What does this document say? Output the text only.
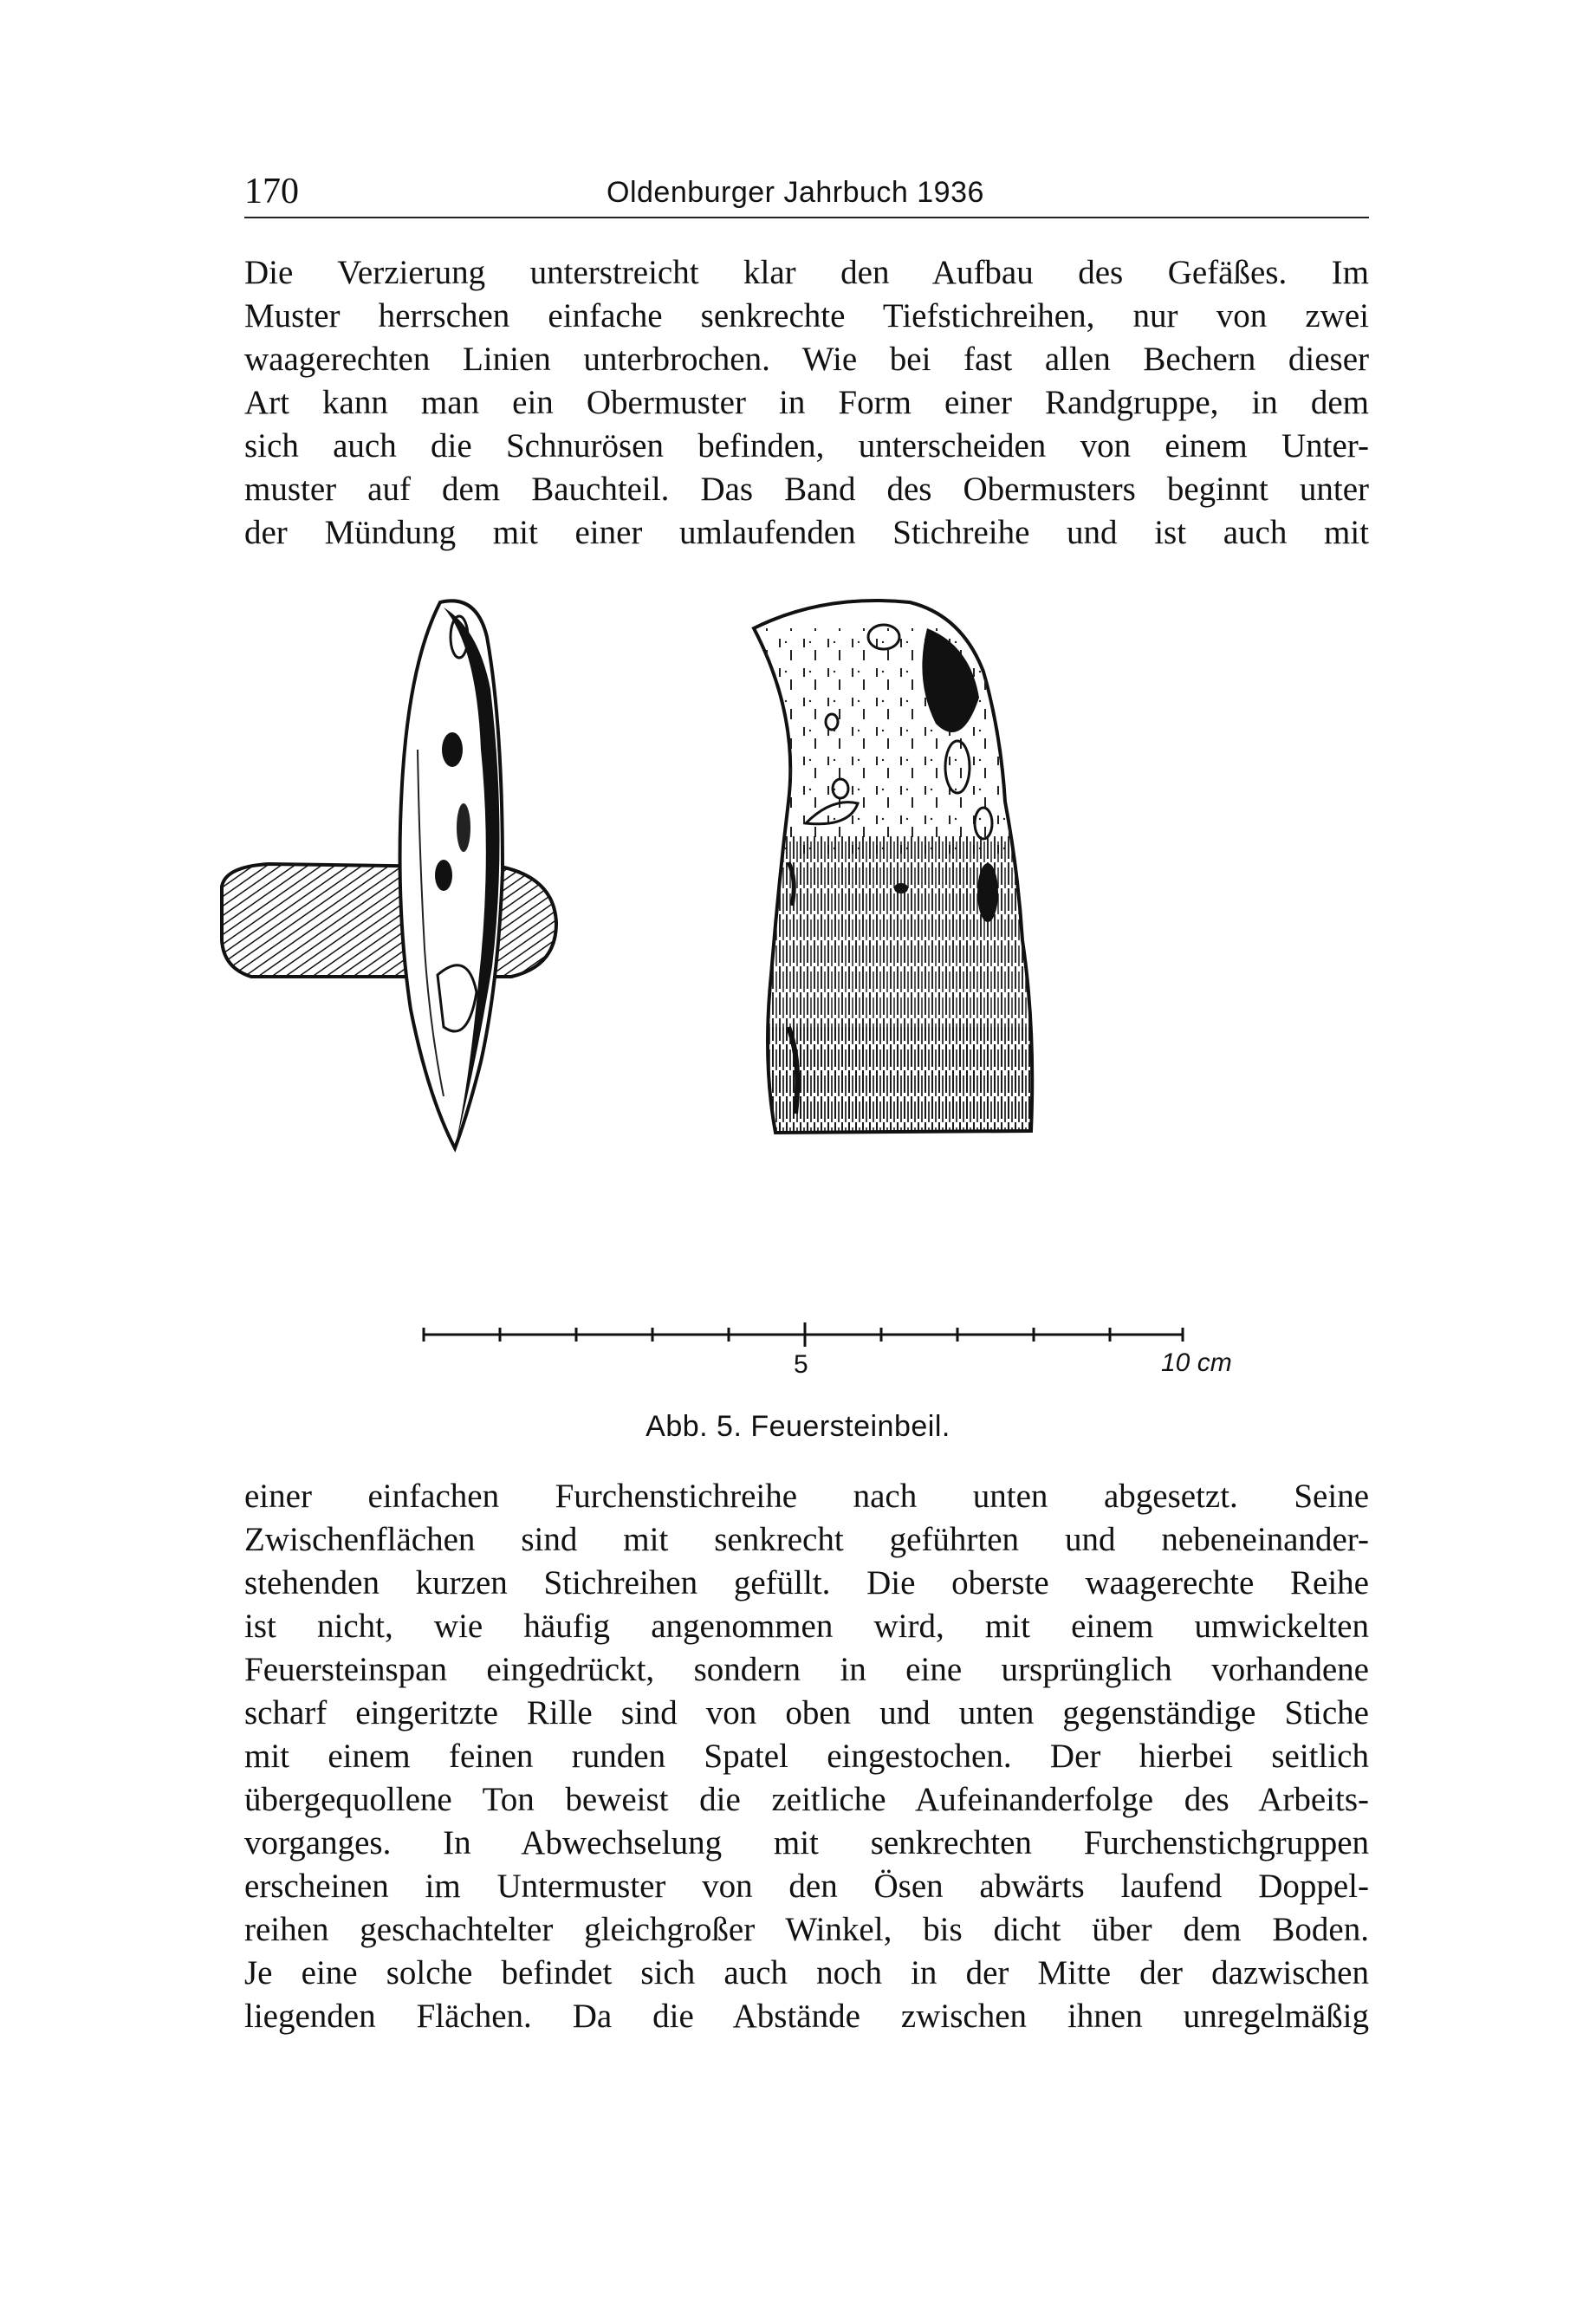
170	Oldenburger Jahrbuch 1936
Die Verzierung unterstreicht klar den Aufbau des Gefäßes. Im
Muster herrschen einfache senkrechte Tiefstichreihen, nur von zwei
waagerechten Linien unterbrochen. Wie bei fast allen Bechern dieser
Art kann man ein Obermuster in Form einer Randgruppe, in dem
sich auch die Schnurösen befinden, unterscheiden von einem Unter-
muster auf dem Bauchteil. Das Band des Obermusters beginnt unter
der Mündung mit einer umlaufenden Stichreihe und ist auch mit
5	10 cm
Abb. 5. Feuersteinbeil.
einer einfachen Furchenstichreihe nach unten abgesetzt. Seine
Zwischenflächen sind mit senkrecht geführten und nebeneinander-
stehenden kurzen Stichreihen gefüllt. Die oberste waagerechte Reihe
ist nicht, wie häufig angenommen wird, mit einem umwickelten
Feuersteinspan eingedrückt, sondern in eine ursprünglich vorhandene
scharf eingeritzte Rille sind von oben und unten gegenständige Stiche
mit einem feinen runden Spatel eingestochen. Der hierbei seitlich
übergequollene Ton beweist die zeitliche Aufeinanderfolge des Arbeits-
vorganges. In Abwechselung mit senkrechten Furchenstichgruppen
erscheinen im Untermuster von den Ösen abwärts laufend Doppel-
reihen geschachtelter gleichgroßer Winkel, bis dicht über dem Boden.
Je eine solche befindet sich auch noch in der Mitte der dazwischen
liegenden Flächen. Da die Abstände zwischen ihnen unregelmäßig
